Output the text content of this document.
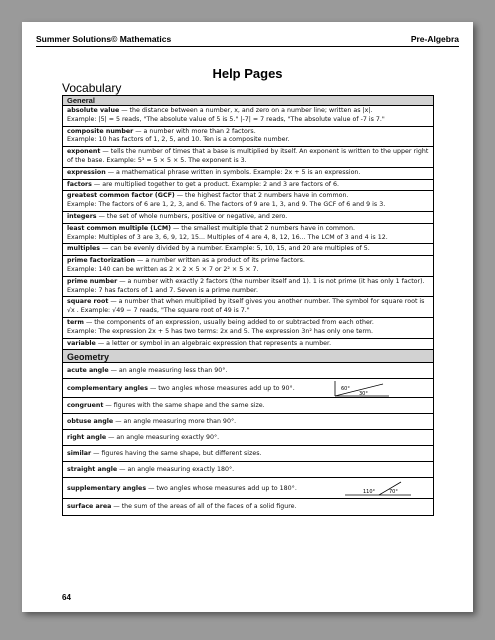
Summer Solutions© Mathematics	Pre-Algebra
Help Pages
Vocabulary
General
absolute value — the distance between a number, x, and zero on a number line; written as |x|.
Example: |5| = 5 reads, "The absolute value of 5 is 5." |-7| = 7 reads, "The absolute value of -7 is 7."
composite number — a number with more than 2 factors.
Example: 10 has factors of 1, 2, 5, and 10. Ten is a composite number.
exponent — tells the number of times that a base is multiplied by itself. An exponent is written to the upper right of the base. Example: 5³ = 5 × 5 × 5. The exponent is 3.
expression — a mathematical phrase written in symbols. Example: 2x + 5 is an expression.
factors — are multiplied together to get a product. Example: 2 and 3 are factors of 6.
greatest common factor (GCF) — the highest factor that 2 numbers have in common.
Example: The factors of 6 are 1, 2, 3, and 6. The factors of 9 are 1, 3, and 9. The GCF of 6 and 9 is 3.
integers — the set of whole numbers, positive or negative, and zero.
least common multiple (LCM) — the smallest multiple that 2 numbers have in common.
Example: Multiples of 3 are 3, 6, 9, 12, 15... Multiples of 4 are 4, 8, 12, 16... The LCM of 3 and 4 is 12.
multiples — can be evenly divided by a number. Example: 5, 10, 15, and 20 are multiples of 5.
prime factorization — a number written as a product of its prime factors.
Example: 140 can be written as 2 × 2 × 5 × 7 or 2² × 5 × 7.
prime number — a number with exactly 2 factors (the number itself and 1). 1 is not prime (it has only 1 factor). Example: 7 has factors of 1 and 7. Seven is a prime number.
square root — a number that when multiplied by itself gives you another number. The symbol for square root is √x . Example: √49 − 7 reads, "The square root of 49 is 7."
term — the components of an expression, usually being added to or subtracted from each other.
Example: The expression 2x + 5 has two terms: 2x and 5. The expression 3n² has only one term.
variable — a letter or symbol in an algebraic expression that represents a number.
Geometry
acute angle — an angle measuring less than 90°.
complementary angles — two angles whose measures add up to 90°.	60°
30°
congruent — figures with the same shape and the same size.
obtuse angle — an angle measuring more than 90°.
right angle — an angle measuring exactly 90°.
similar — figures having the same shape, but different sizes.
straight angle — an angle measuring exactly 180°.
supplementary angles — two angles whose measures add up to 180°.	110°	70°
surface area — the sum of the areas of all of the faces of a solid figure.
64
